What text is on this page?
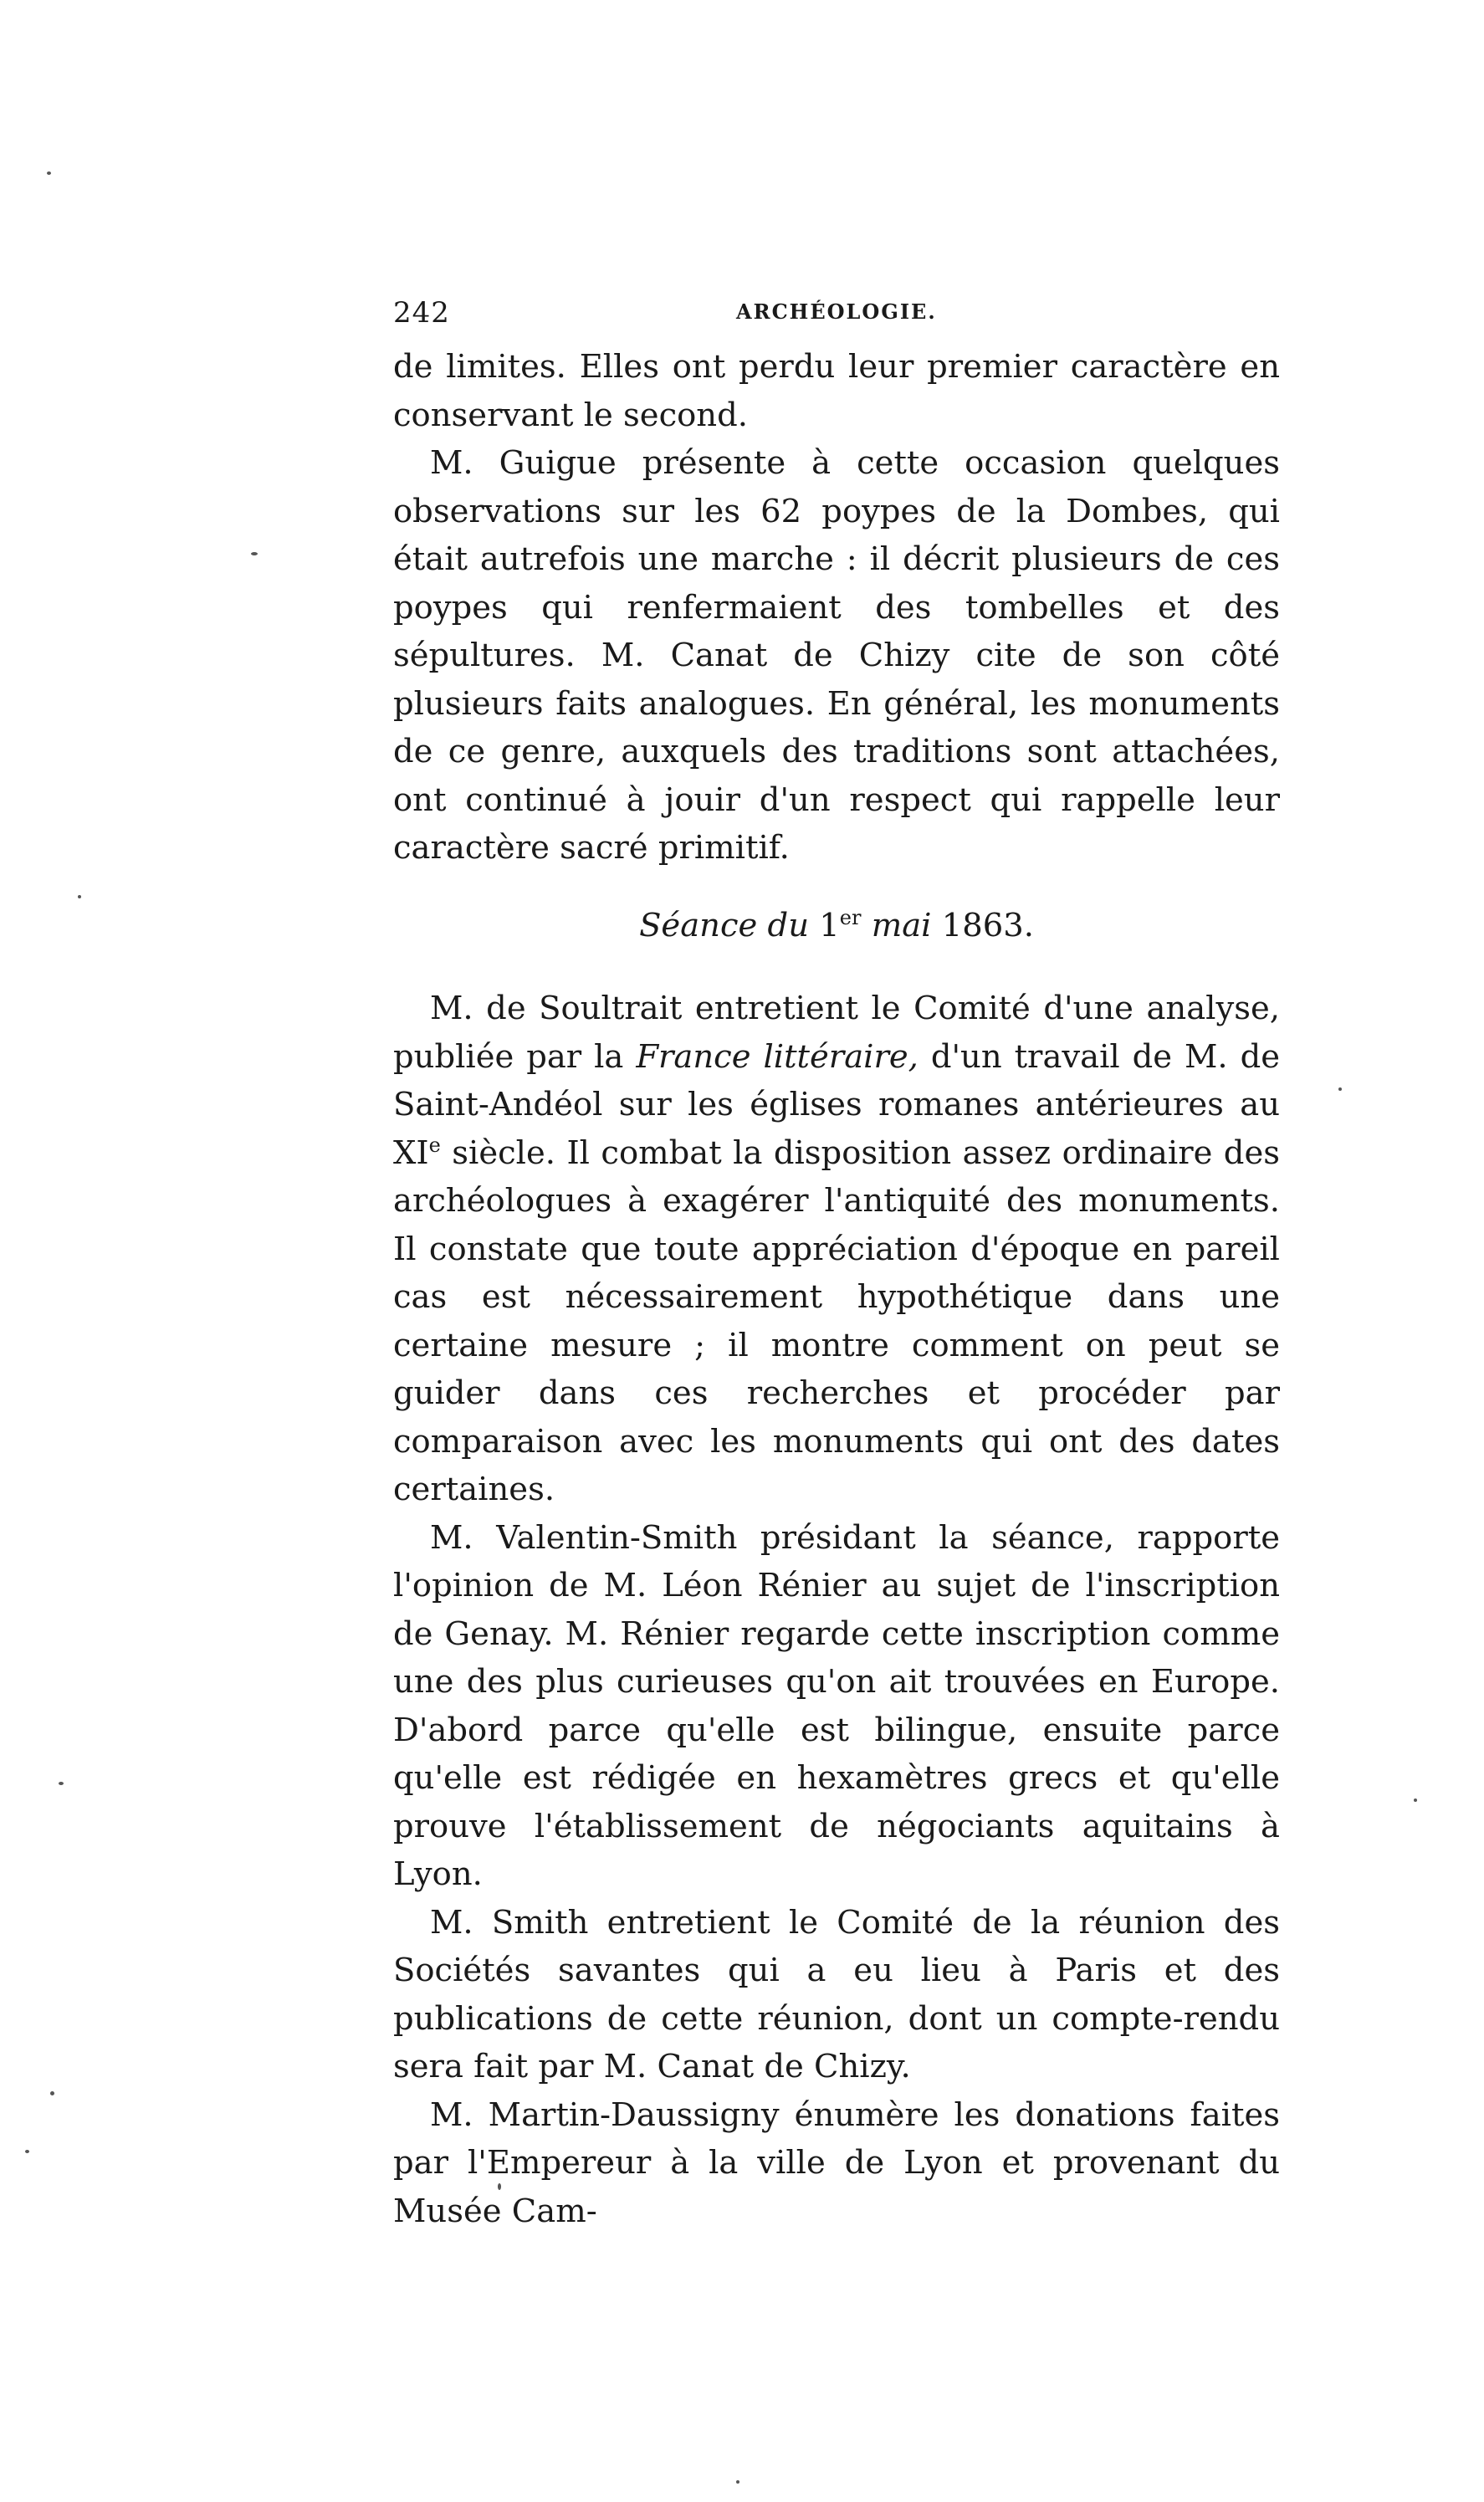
242	ARCHÉOLOGIE.

de limites. Elles ont perdu leur premier caractère en conservant le second.

M. Guigue présente à cette occasion quelques observations sur les 62 poypes de la Dombes, qui était autrefois une marche : il décrit plusieurs de ces poypes qui renfermaient des tombelles et des sépultures. M. Canat de Chizy cite de son côté plusieurs faits analogues. En général, les monuments de ce genre, auxquels des traditions sont attachées, ont continué à jouir d'un respect qui rappelle leur caractère sacré primitif.

Séance du 1er mai 1863.

M. de Soultrait entretient le Comité d'une analyse, publiée par la France littéraire, d'un travail de M. de Saint-Andéol sur les églises romanes antérieures au XIe siècle. Il combat la disposition assez ordinaire des archéologues à exagérer l'antiquité des monuments. Il constate que toute appréciation d'époque en pareil cas est nécessairement hypothétique dans une certaine mesure ; il montre comment on peut se guider dans ces recherches et procéder par comparaison avec les monuments qui ont des dates certaines.

M. Valentin-Smith présidant la séance, rapporte l'opinion de M. Léon Rénier au sujet de l'inscription de Genay. M. Rénier regarde cette inscription comme une des plus curieuses qu'on ait trouvées en Europe. D'abord parce qu'elle est bilingue, ensuite parce qu'elle est rédigée en hexamètres grecs et qu'elle prouve l'établissement de négociants aquitains à Lyon.

M. Smith entretient le Comité de la réunion des Sociétés savantes qui a eu lieu à Paris et des publications de cette réunion, dont un compte-rendu sera fait par M. Canat de Chizy.

M. Martin-Daussigny énumère les donations faites par l'Empereur à la ville de Lyon et provenant du Musée Cam-
